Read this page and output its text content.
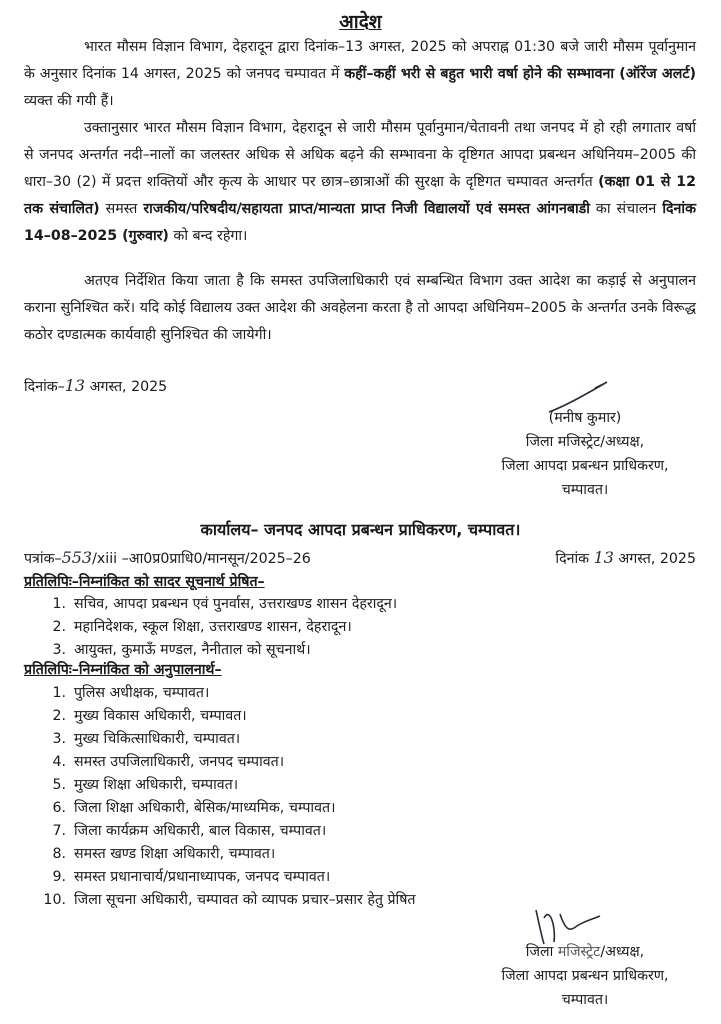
आदेश
भारत मौसम विज्ञान विभाग, देहरादून द्वारा दिनांक–13 अगस्त, 2025 को अपराह्न 01:30 बजे जारी मौसम पूर्वानुमान के अनुसार दिनांक 14 अगस्त, 2025 को जनपद चम्पावत में कहीं–कहीं भरी से बहुत भारी वर्षा होने की सम्भावना (ऑरेंज अलर्ट) व्यक्त की गयी हैं।
उक्तानुसार भारत मौसम विज्ञान विभाग, देहरादून से जारी मौसम पूर्वानुमान/चेतावनी तथा जनपद में हो रही लगातार वर्षा से जनपद अन्तर्गत नदी–नालों का जलस्तर अधिक से अधिक बढ़ने की सम्भावना के दृष्टिगत आपदा प्रबन्धन अधिनियम–2005 की धारा–30 (2) में प्रदत्त शक्तियों और कृत्य के आधार पर छात्र–छात्राओं की सुरक्षा के दृष्टिगत चम्पावत अन्तर्गत (कक्षा 01 से 12 तक संचालित) समस्त राजकीय/परिषदीय/सहायता प्राप्त/मान्यता प्राप्त निजी विद्यालयों एवं समस्त आंगनबाडी का संचालन दिनांक 14–08–2025 (गुरुवार) को बन्द रहेगा।
अतएव निर्देशित किया जाता है कि समस्त उपजिलाधिकारी एवं सम्बन्धित विभाग उक्त आदेश का कड़ाई से अनुपालन कराना सुनिश्चित करें। यदि कोई विद्यालय उक्त आदेश की अवहेलना करता है तो आपदा अधिनियम–2005 के अन्तर्गत उनके विरूद्ध कठोर दण्डात्मक कार्यवाही सुनिश्चित की जायेगी।
दिनांक–13 अगस्त, 2025
(मनीष कुमार)
जिला मजिस्ट्रेट/अध्यक्ष,
जिला आपदा प्रबन्धन प्राधिकरण,
चम्पावत।
कार्यालय– जनपद आपदा प्रबन्धन प्राधिकरण, चम्पावत।
पत्रांक–553/xiii –आ0प्र0प्राधि0/मानसून/2025–26	दिनांक 13 अगस्त, 2025
प्रतिलिपिः–निम्नांकित को सादर सूचनार्थ प्रेषित–
1. सचिव, आपदा प्रबन्धन एवं पुनर्वास, उत्तराखण्ड शासन देहरादून।
2. महानिदेशक, स्कूल शिक्षा, उत्तराखण्ड शासन, देहरादून।
3. आयुक्त, कुमाऊँ मण्डल, नैनीताल को सूचनार्थ।
प्रतिलिपिः–निम्नांकित को अनुपालनार्थ–
1. पुलिस अधीक्षक, चम्पावत।
2. मुख्य विकास अधिकारी, चम्पावत।
3. मुख्य चिकित्साधिकारी, चम्पावत।
4. समस्त उपजिलाधिकारी, जनपद चम्पावत।
5. मुख्य शिक्षा अधिकारी, चम्पावत।
6. जिला शिक्षा अधिकारी, बेसिक/माध्यमिक, चम्पावत।
7. जिला कार्यक्रम अधिकारी, बाल विकास, चम्पावत।
8. समस्त खण्ड शिक्षा अधिकारी, चम्पावत।
9. समस्त प्रधानाचार्य/प्रधानाध्यापक, जनपद चम्पावत।
10. जिला सूचना अधिकारी, चम्पावत को व्यापक प्रचार–प्रसार हेतु प्रेषित
जिला मजिस्ट्रेट/अध्यक्ष,
जिला आपदा प्रबन्धन प्राधिकरण,
चम्पावत।
